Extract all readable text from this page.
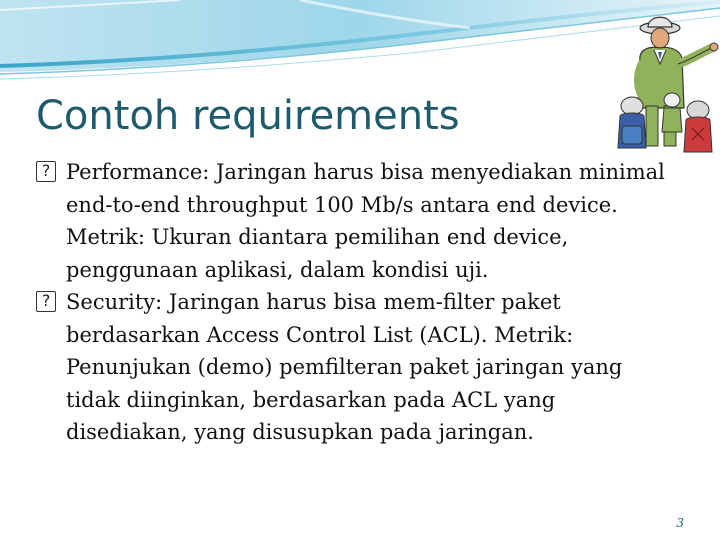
Contoh requirements

? Performance: Jaringan harus bisa menyediakan minimal end-to-end throughput 100 Mb/s antara end device. Metrik: Ukuran diantara pemilihan end device, penggunaan aplikasi, dalam kondisi uji.

? Security: Jaringan harus bisa mem-filter paket berdasarkan Access Control List (ACL). Metrik: Penunjukan (demo) pemfilteran paket jaringan yang tidak diinginkan, berdasarkan pada ACL yang disediakan, yang disusupkan pada jaringan.

3
